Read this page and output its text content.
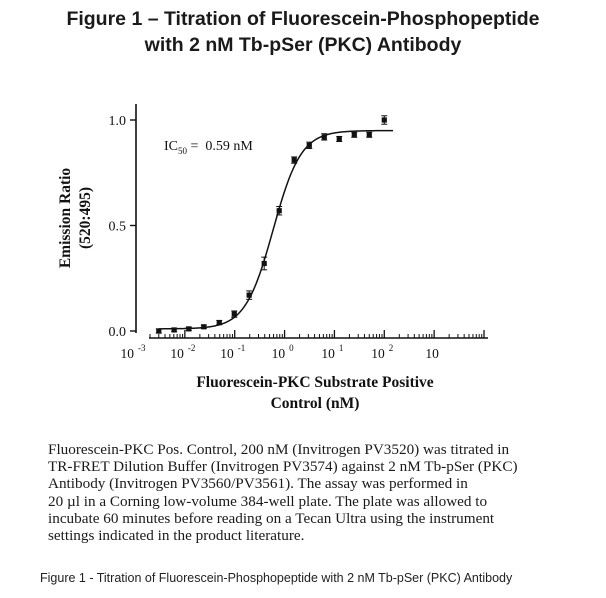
Figure 1 – Titration of Fluorescein-Phosphopeptide
with 2 nM Tb-pSer (PKC) Antibody
0.0
0.5
1.0
10 $^{-3}$ 10 $^{-2}$ 10 $^{-1}$ 10 $^0$ 10 $^1$ 10 $^2$ 10
$IC_{50} = 0.59$ nM
Emission Ratio (520:495)
Fluorescein-PKC Substrate Positive
Control (nM)
Fluorescein-PKC Pos. Control, 200 nM (Invitrogen PV3520) was titrated in
TR-FRET Dilution Buffer (Invitrogen PV3574) against 2 nM Tb-pSer (PKC)
Antibody (Invitrogen PV3560/PV3561). The assay was performed in
20 µl in a Corning low-volume 384-well plate. The plate was allowed to
incubate 60 minutes before reading on a Tecan Ultra using the instrument
settings indicated in the product literature.
Figure 1 - Titration of Fluorescein-Phosphopeptide with 2 nM Tb-pSer (PKC) Antibody
